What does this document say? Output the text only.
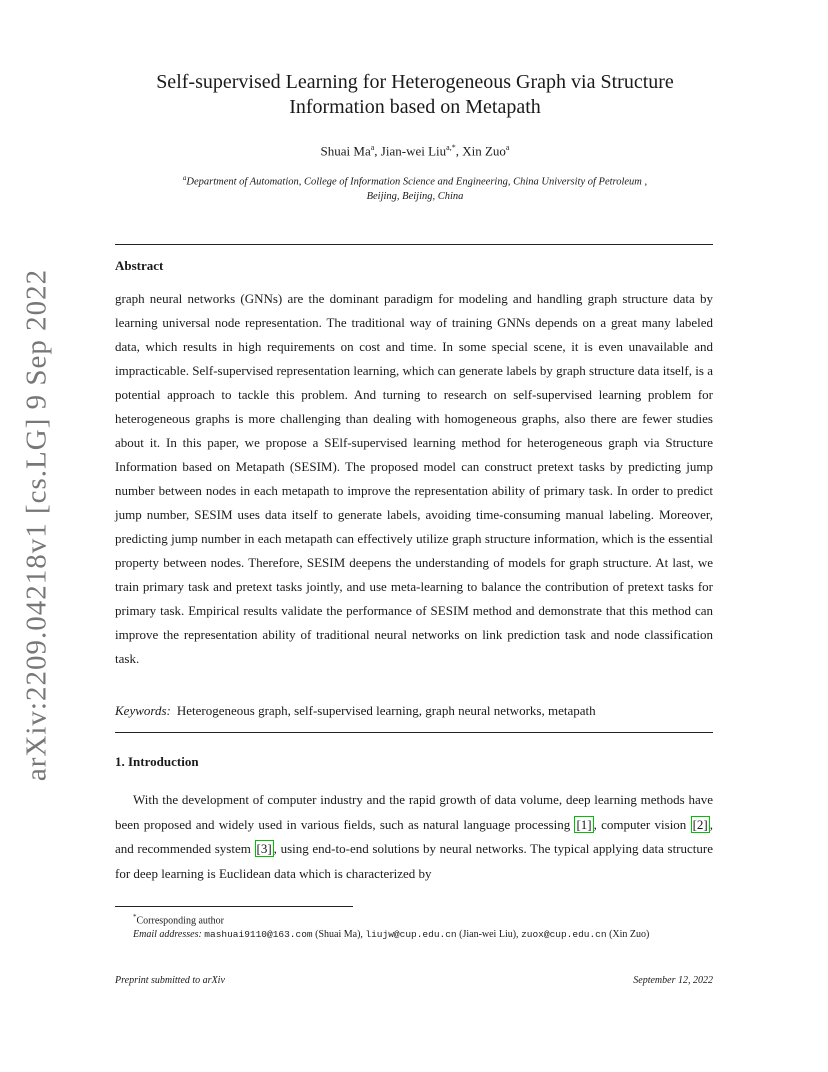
arXiv:2209.04218v1 [cs.LG] 9 Sep 2022
Self-supervised Learning for Heterogeneous Graph via Structure
Information based on Metapath
Shuai Ma$^a$, Jian-wei Liu$^{a,*}$, Xin Zuo$^a$
$^a$Department of Automation, College of Information Science and Engineering, China University of Petroleum ,
Beijing, Beijing, China
Abstract

graph neural networks (GNNs) are the dominant paradigm for modeling and handling graph structure data by learning universal node representation. The traditional way of training GNNs depends on a great many labeled data, which results in high requirements on cost and time. In some special scene, it is even unavailable and impracticable. Self-supervised representation learning, which can generate labels by graph structure data itself, is a potential approach to tackle this problem. And turning to research on self-supervised learning problem for heterogeneous graphs is more challenging than dealing with homogeneous graphs, also there are fewer studies about it. In this paper, we propose a SElf-supervised learning method for heterogeneous graph via Structure Information based on Metapath (SESIM). The proposed model can construct pretext tasks by predicting jump number between nodes in each metapath to improve the representation ability of primary task. In order to predict jump number, SESIM uses data itself to generate labels, avoiding time-consuming manual labeling. Moreover, predicting jump number in each metapath can effectively utilize graph structure information, which is the essential property between nodes. Therefore, SESIM deepens the understanding of models for graph structure. At last, we train primary task and pretext tasks jointly, and use meta-learning to balance the contribution of pretext tasks for primary task. Empirical results validate the performance of SESIM method and demonstrate that this method can improve the representation ability of traditional neural networks on link prediction task and node classification task.

Keywords: Heterogeneous graph, self-supervised learning, graph neural networks, metapath
1. Introduction

With the development of computer industry and the rapid growth of data volume, deep learning methods have been proposed and widely used in various fields, such as natural language processing [1] , computer vision [2] , and recommended system [3] , using end-to-end solutions by neural networks. The typical applying data structure for deep learning is Euclidean data which is characterized by

*Corresponding author
Email addresses: mashuai9110@163.com (Shuai Ma), liujw@cup.edu.cn (Jian-wei Liu), zuox@cup.edu.cn (Xin Zuo)
Preprint submitted to arXiv	September 12, 2022
